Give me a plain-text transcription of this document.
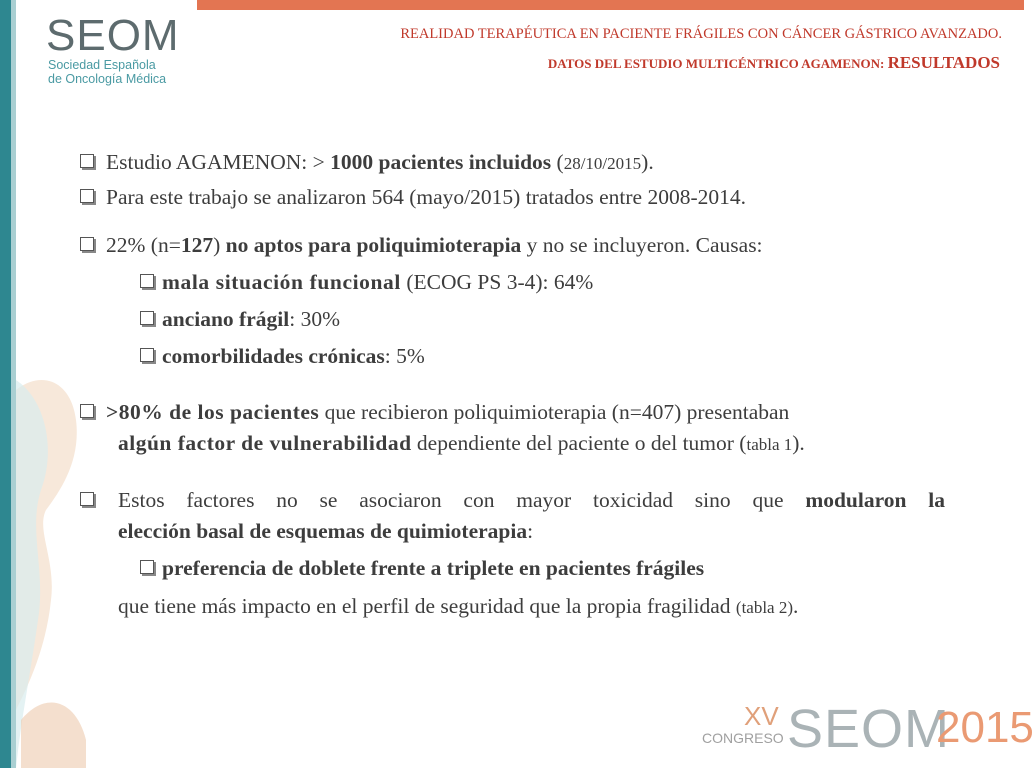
SEOM
Sociedad Española
de Oncología Médica
REALIDAD TERAPÉUTICA EN PACIENTE FRÁGILES CON CÁNCER GÁSTRICO AVANZADO.
DATOS DEL ESTUDIO MULTICÉNTRICO AGAMENON: RESULTADOS
Estudio AGAMENON: > 1000 pacientes incluidos (28/10/2015).
Para este trabajo se analizaron 564 (mayo/2015) tratados entre 2008-2014.
22% (n=127) no aptos para poliquimioterapia y no se incluyeron. Causas:
mala situación funcional (ECOG PS 3-4): 64%
anciano frágil: 30%
comorbilidades crónicas: 5%
>80% de los pacientes que recibieron poliquimioterapia (n=407) presentaban
algún factor de vulnerabilidad dependiente del paciente o del tumor (tabla 1).
Estos factores no se asociaron con mayor toxicidad sino que modularon la
elección basal de esquemas de quimioterapia:
preferencia de doblete frente a triplete en pacientes frágiles
que tiene más impacto en el perfil de seguridad que la propia fragilidad (tabla 2).
XV
CONGRESO SEOM
2015
